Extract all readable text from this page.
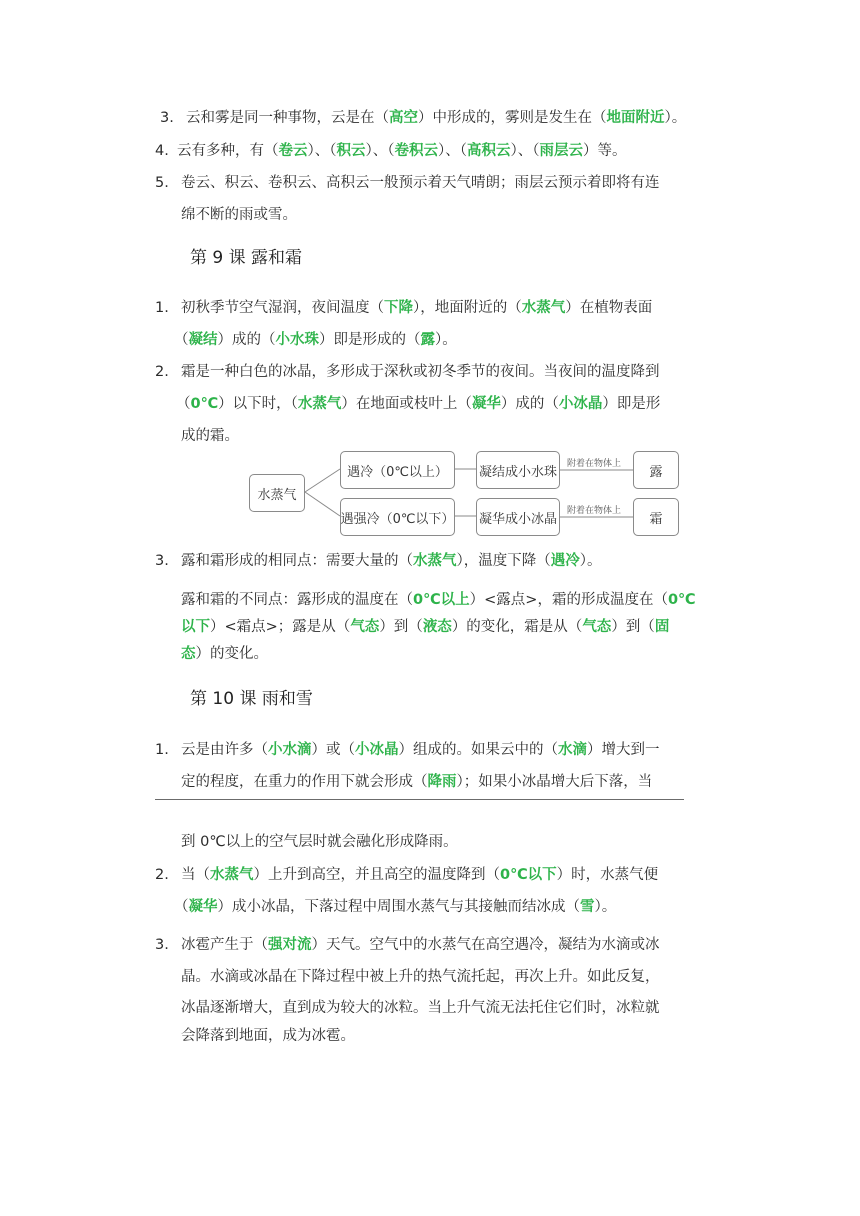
3. 云和雾是同一种事物，云是在（高空）中形成的，雾则是发生在（地面附近）。
4. 云有多种，有（卷云）、（积云）、（卷积云）、（高积云）、（雨层云）等。
5. 卷云、积云、卷积云、高积云一般预示着天气晴朗；雨层云预示着即将有连
绵不断的雨或雪。
第 9 课 露和霜
1. 初秋季节空气湿润，夜间温度（下降），地面附近的（水蒸气）在植物表面
（凝结）成的（小水珠）即是形成的（露）。
2. 霜是一种白色的冰晶，多形成于深秋或初冬季节的夜间。当夜间的温度降到
（0℃）以下时，（水蒸气）在地面或枝叶上（凝华）成的（小冰晶）即是形
成的霜。
水蒸气
遇冷（0℃以上）
遇强冷（0℃以下）
凝结成小水珠
凝华成小冰晶
附着在物体上
附着在物体上
露
霜
3. 露和霜形成的相同点：需要大量的（水蒸气），温度下降（遇冷）。
露和霜的不同点：露形成的温度在（0℃以上）<露点>，霜的形成温度在（0℃
以下）<霜点>；露是从（气态）到（液态）的变化，霜是从（气态）到（固
态）的变化。
第 10 课 雨和雪
1. 云是由许多（小水滴）或（小冰晶）组成的。如果云中的（水滴）增大到一
定的程度，在重力的作用下就会形成（降雨）；如果小冰晶增大后下落，当
到 0℃以上的空气层时就会融化形成降雨。
2. 当（水蒸气）上升到高空，并且高空的温度降到（0℃以下）时，水蒸气便
（凝华）成小冰晶，下落过程中周围水蒸气与其接触而结冰成（雪）。
3. 冰雹产生于（强对流）天气。空气中的水蒸气在高空遇冷，凝结为水滴或冰
晶。水滴或冰晶在下降过程中被上升的热气流托起，再次上升。如此反复，
冰晶逐渐增大，直到成为较大的冰粒。当上升气流无法托住它们时，冰粒就
会降落到地面，成为冰雹。
